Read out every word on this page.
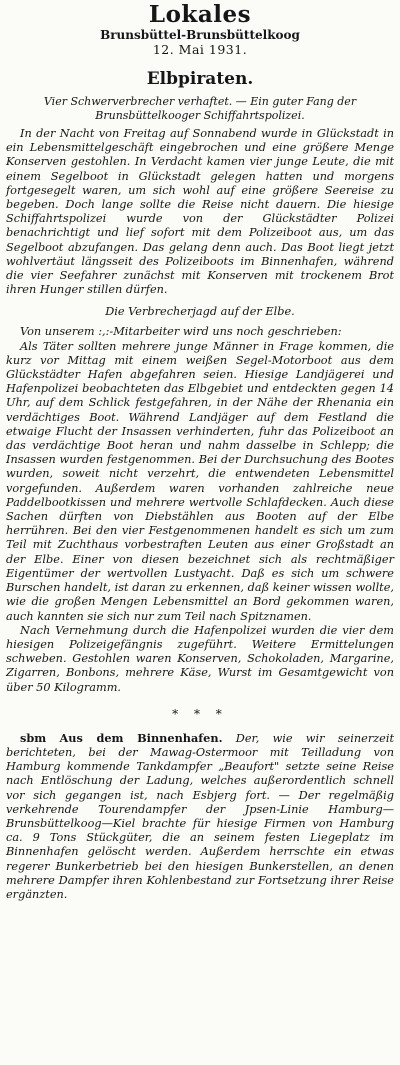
Lokales
Brunsbüttel-Brunsbüttelkoog
12. Mai 1931.
Elbpiraten.
Vier Schwerverbrecher verhaftet. — Ein guter Fang der Brunsbüttelkooger Schiffahrtspolizei.

In der Nacht von Freitag auf Sonnabend wurde in Glückstadt in ein Lebensmittelgeschäft eingebrochen und eine größere Menge Konserven gestohlen. In Verdacht kamen vier junge Leute, die mit einem Segelboot in Glückstadt gelegen hatten und morgens fortgesegelt waren, um sich wohl auf eine größere Seereise zu begeben. Doch lange sollte die Reise nicht dauern. Die hiesige Schiffahrtspolizei wurde von der Glückstädter Polizei benachrichtigt und lief sofort mit dem Polizeiboot aus, um das Segelboot abzufangen. Das gelang denn auch. Das Boot liegt jetzt wohlvertäut längsseit des Polizeiboots im Binnenhafen, während die vier Seefahrer zunächst mit Konserven mit trockenem Brot ihren Hunger stillen dürfen.

Die Verbrecherjagd auf der Elbe.

Von unserem :,:-Mitarbeiter wird uns noch geschrieben:

Als Täter sollten mehrere junge Männer in Frage kommen, die kurz vor Mittag mit einem weißen Segel-Motorboot aus dem Glückstädter Hafen abgefahren seien. Hiesige Landjägerei und Hafenpolizei beobachteten das Elbgebiet und entdeckten gegen 14 Uhr, auf dem Schlick festgefahren, in der Nähe der Rhenania ein verdächtiges Boot. Während Landjäger auf dem Festland die etwaige Flucht der Insassen verhinderten, fuhr das Polizeiboot an das verdächtige Boot heran und nahm dasselbe in Schlepp; die Insassen wurden festgenommen. Bei der Durchsuchung des Bootes wurden, soweit nicht verzehrt, die entwendeten Lebensmittel vorgefunden. Außerdem waren vorhanden zahlreiche neue Paddelbootkissen und mehrere wertvolle Schlafdecken. Auch diese Sachen dürften von Diebstählen aus Booten auf der Elbe herrühren. Bei den vier Festgenommenen handelt es sich um zum Teil mit Zuchthaus vorbestraften Leuten aus einer Großstadt an der Elbe. Einer von diesen bezeichnet sich als rechtmäßiger Eigentümer der wertvollen Lustyacht. Daß es sich um schwere Burschen handelt, ist daran zu erkennen, daß keiner wissen wollte, wie die großen Mengen Lebensmittel an Bord gekommen waren, auch kannten sie sich nur zum Teil nach Spitznamen.

Nach Vernehmung durch die Hafenpolizei wurden die vier dem hiesigen Polizeigefängnis zugeführt. Weitere Ermittelungen schweben. Gestohlen waren Konserven, Schokoladen, Margarine, Zigarren, Bonbons, mehrere Käse, Wurst im Gesamtgewicht von über 50 Kilogramm.

* * *

sbm Aus dem Binnenhafen. Der, wie wir seinerzeit berichteten, bei der Mawag-Ostermoor mit Teilladung von Hamburg kommende Tankdampfer „Beaufort" setzte seine Reise nach Entlöschung der Ladung, welches außerordentlich schnell vor sich gegangen ist, nach Esbjerg fort. — Der regelmäßig verkehrende Tourendampfer der Jpsen-Linie Hamburg—Brunsbüttelkoog—Kiel brachte für hiesige Firmen von Hamburg ca. 9 Tons Stückgüter, die an seinem festen Liegeplatz im Binnenhafen gelöscht werden. Außerdem herrschte ein etwas regerer Bunkerbetrieb bei den hiesigen Bunkerstellen, an denen mehrere Dampfer ihren Kohlenbestand zur Fortsetzung ihrer Reise ergänzten.
